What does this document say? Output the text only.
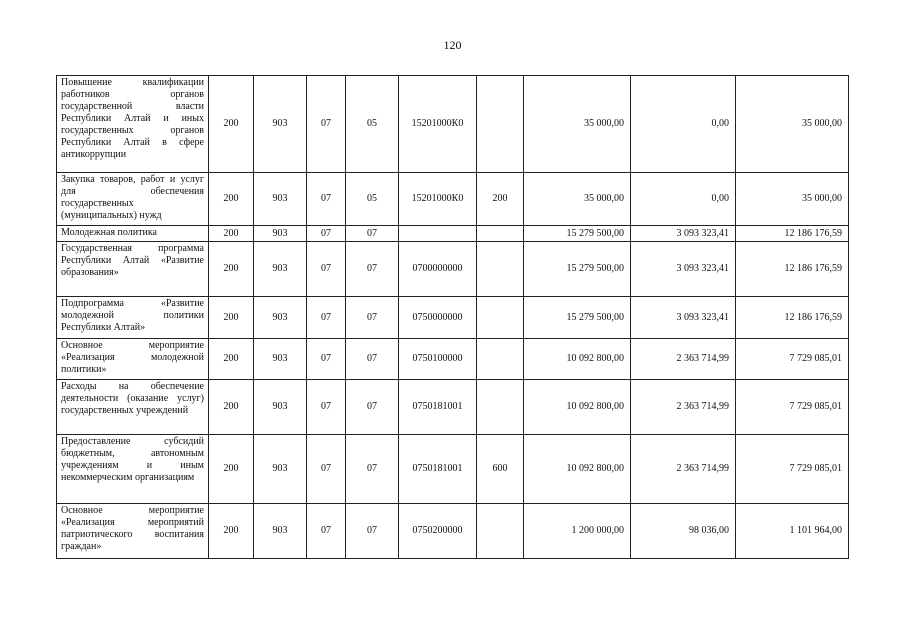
120
Повышение квалификации работников органов государственной власти Республики Алтай и иных государственных органов Республики Алтай в сфере антикоррупции	200	903	07	05	15201000К0		35 000,00	0,00	35 000,00
Закупка товаров, работ и услуг для обеспечения государственных (муниципальных) нужд	200	903	07	05	15201000К0	200	35 000,00	0,00	35 000,00
Молодежная политика	200	903	07	07			15 279 500,00	3 093 323,41	12 186 176,59
Государственная программа Республики Алтай «Развитие образования»	200	903	07	07	0700000000		15 279 500,00	3 093 323,41	12 186 176,59
Подпрограмма «Развитие молодежной политики Республики Алтай»	200	903	07	07	0750000000		15 279 500,00	3 093 323,41	12 186 176,59
Основное мероприятие «Реализация молодежной политики»	200	903	07	07	0750100000		10 092 800,00	2 363 714,99	7 729 085,01
Расходы на обеспечение деятельности (оказание услуг) государственных учреждений	200	903	07	07	0750181001		10 092 800,00	2 363 714,99	7 729 085,01
Предоставление субсидий бюджетным, автономным учреждениям и иным некоммерческим организациям	200	903	07	07	0750181001	600	10 092 800,00	2 363 714,99	7 729 085,01
Основное мероприятие «Реализация мероприятий патриотического воспитания граждан»	200	903	07	07	0750200000		1 200 000,00	98 036,00	1 101 964,00
